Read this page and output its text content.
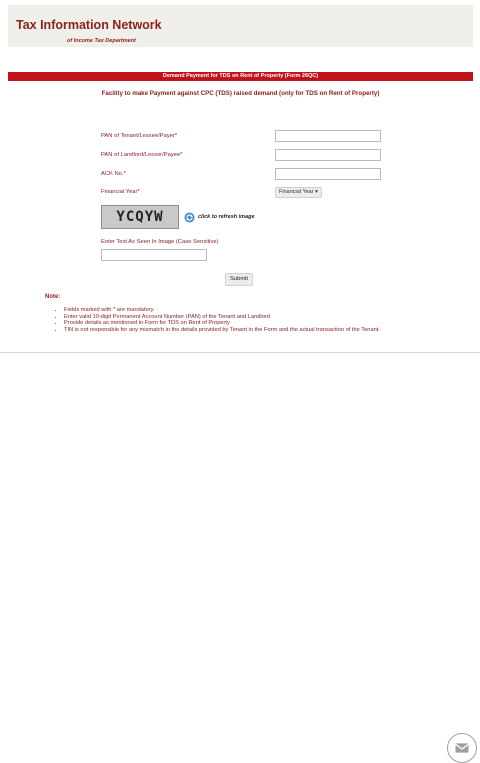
Tax Information Network
of Income Tax Department
Demand Payment for TDS on Rent of Property (Form 26QC)
Facility to make Payment against CPC (TDS) raised demand (only for TDS on Rent of Property)
PAN of Tenant/Lessee/Payer*
PAN of Landlord/Lessor/Payee*
ACK No.*
Financial Year*	Financial Year ▾
YCQYW	click to refresh image
Enter Text As Seen In Image (Case Sensitive)
Submit
Note:
• Fields marked with * are mandatory.
• Enter valid 10-digit Permanent Account Number (PAN) of the Tenant and Landlord
• Provide details as mentioned in Form for TDS on Rent of Property
• TIN is not responsible for any mismatch in the details provided by Tenant in the Form and the actual transaction of the Tenant.
